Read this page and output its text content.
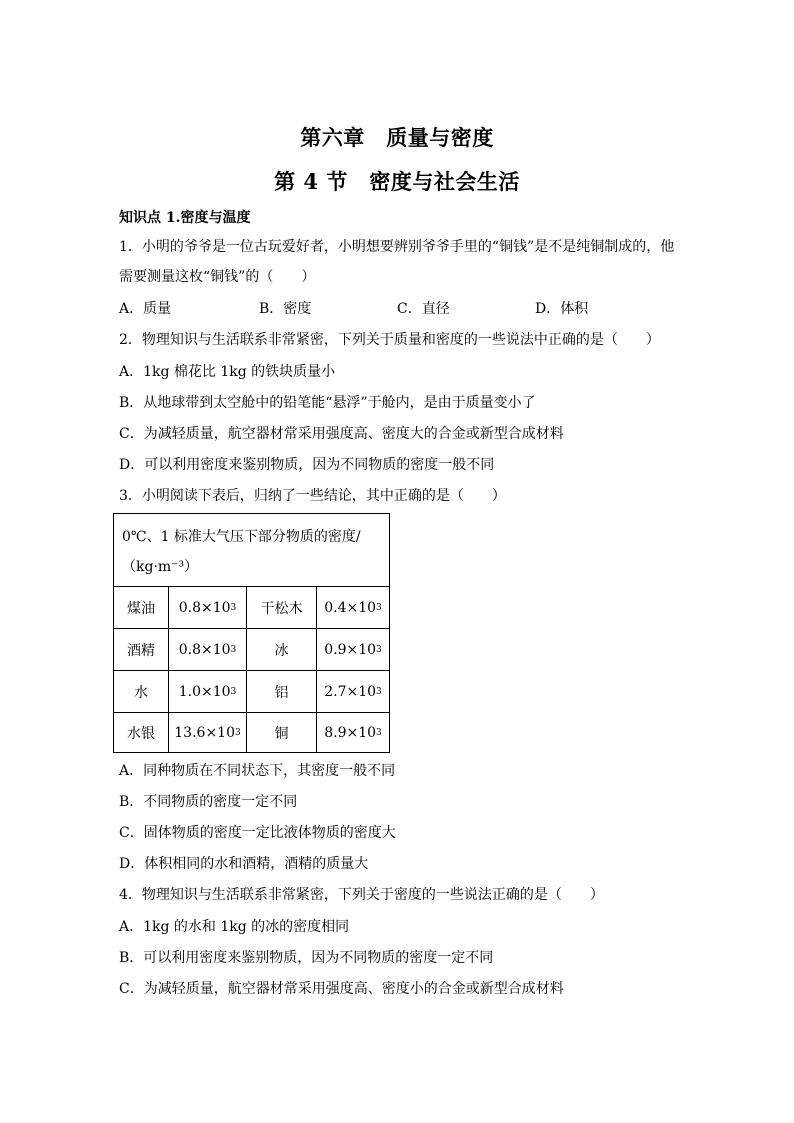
第六章　质量与密度
第 4 节　密度与社会生活
知识点 1.密度与温度
1．小明的爷爷是一位古玩爱好者，小明想要辨别爷爷手里的“铜钱”是不是纯铜制成的，他
需要测量这枚“铜钱”的（　　）
A．质量	B．密度	C．直径	D．体积
2．物理知识与生活联系非常紧密，下列关于质量和密度的一些说法中正确的是（　　）
A．1kg 棉花比 1kg 的铁块质量小
B．从地球带到太空舱中的铅笔能“悬浮”于舱内，是由于质量变小了
C．为减轻质量，航空器材常采用强度高、密度大的合金或新型合成材料
D．可以利用密度来鉴别物质，因为不同物质的密度一般不同
3．小明阅读下表后，归纳了一些结论，其中正确的是（　　）
0℃、1 标准大气压下部分物质的密度/
（kg·m⁻³）
煤油	0.8×10 3	干松木	0.4×10 3
酒精	0.8×10 3	冰	0.9×10 3
水	1.0×10 3	铝	2.7×10 3
水银	13.6×10 3	铜	8.9×10 3
A．同种物质在不同状态下，其密度一般不同
B．不同物质的密度一定不同
C．固体物质的密度一定比液体物质的密度大
D．体积相同的水和酒精，酒精的质量大
4．物理知识与生活联系非常紧密，下列关于密度的一些说法正确的是（　　）
A．1kg 的水和 1kg 的冰的密度相同
B．可以利用密度来鉴别物质，因为不同物质的密度一定不同
C．为减轻质量，航空器材常采用强度高、密度小的合金或新型合成材料
